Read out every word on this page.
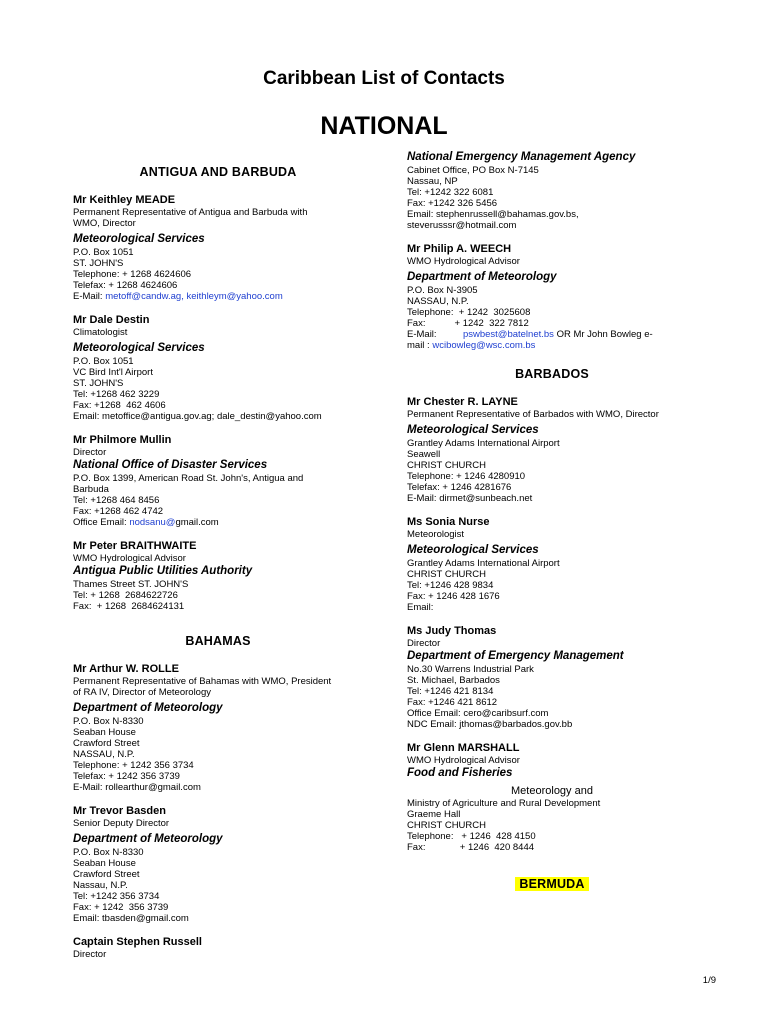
Caribbean List of Contacts
NATIONAL
ANTIGUA AND BARBUDA
Mr Keithley MEADE
Permanent Representative of Antigua and Barbuda with
WMO, Director
Meteorological Services
P.O. Box 1051
ST. JOHN'S
Telephone: + 1268 4624606
Telefax: + 1268 4624606
E-Mail: metoff@candw.ag, keithleym@yahoo.com
Mr Dale Destin
Climatologist
Meteorological Services
P.O. Box 1051
VC Bird Int'l Airport
ST. JOHN'S
Tel: +1268 462 3229
Fax: +1268  462 4606
Email: metoffice@antigua.gov.ag; dale_destin@yahoo.com
Mr Philmore Mullin
Director
National Office of Disaster Services
P.O. Box 1399, American Road St. John's, Antigua and
Barbuda
Tel: +1268 464 8456
Fax: +1268 462 4742
Office Email: nodsanu@gmail.com
Mr Peter BRAITHWAITE
WMO Hydrological Advisor
Antigua Public Utilities Authority
Thames Street ST. JOHN'S
Tel: + 1268  2684622726
Fax:  + 1268  2684624131
BAHAMAS
Mr Arthur W. ROLLE
Permanent Representative of Bahamas with WMO, President
of RA IV, Director of Meteorology
Department of Meteorology
P.O. Box N-8330
Seaban House
Crawford Street
NASSAU, N.P.
Telephone: + 1242 356 3734
Telefax: + 1242 356 3739
E-Mail: rollearthur@gmail.com
Mr Trevor Basden
Senior Deputy Director
Department of Meteorology
P.O. Box N-8330
Seaban House
Crawford Street
Nassau, N.P.
Tel: +1242 356 3734
Fax: + 1242  356 3739
Email: tbasden@gmail.com
Captain Stephen Russell
Director
National Emergency Management Agency
Cabinet Office, PO Box N-7145
Nassau, NP
Tel: +1242 322 6081
Fax: +1242 326 5456
Email: stephenrussell@bahamas.gov.bs,
steverusssr@hotmail.com
Mr Philip A. WEECH
WMO Hydrological Advisor
Department of Meteorology
P.O. Box N-3905
NASSAU, N.P.
Telephone:  + 1242  3025608
Fax:           + 1242  322 7812
E-Mail:          pswbest@batelnet.bs OR Mr John Bowleg e-
mail : wcibowleg@wsc.com.bs
BARBADOS
Mr Chester R. LAYNE
Permanent Representative of Barbados with WMO, Director
Meteorological Services
Grantley Adams International Airport
Seawell
CHRIST CHURCH
Telephone: + 1246 4280910
Telefax: + 1246 4281676
E-Mail: dirmet@sunbeach.net
Ms Sonia Nurse
Meteorologist
Meteorological Services
Grantley Adams International Airport
CHRIST CHURCH
Tel: +1246 428 9834
Fax: + 1246 428 1676
Email:
Ms Judy Thomas
Director
Department of Emergency Management
No.30 Warrens Industrial Park
St. Michael, Barbados
Tel: +1246 421 8134
Fax: +1246 421 8612
Office Email: cero@caribsurf.com
NDC Email: jthomas@barbados.gov.bb
Mr Glenn MARSHALL
WMO Hydrological Advisor
Food and Fisheries
Meteorology and
Ministry of Agriculture and Rural Development
Graeme Hall
CHRIST CHURCH
Telephone:   + 1246  428 4150
Fax:             + 1246  420 8444
BERMUDA
1/9
